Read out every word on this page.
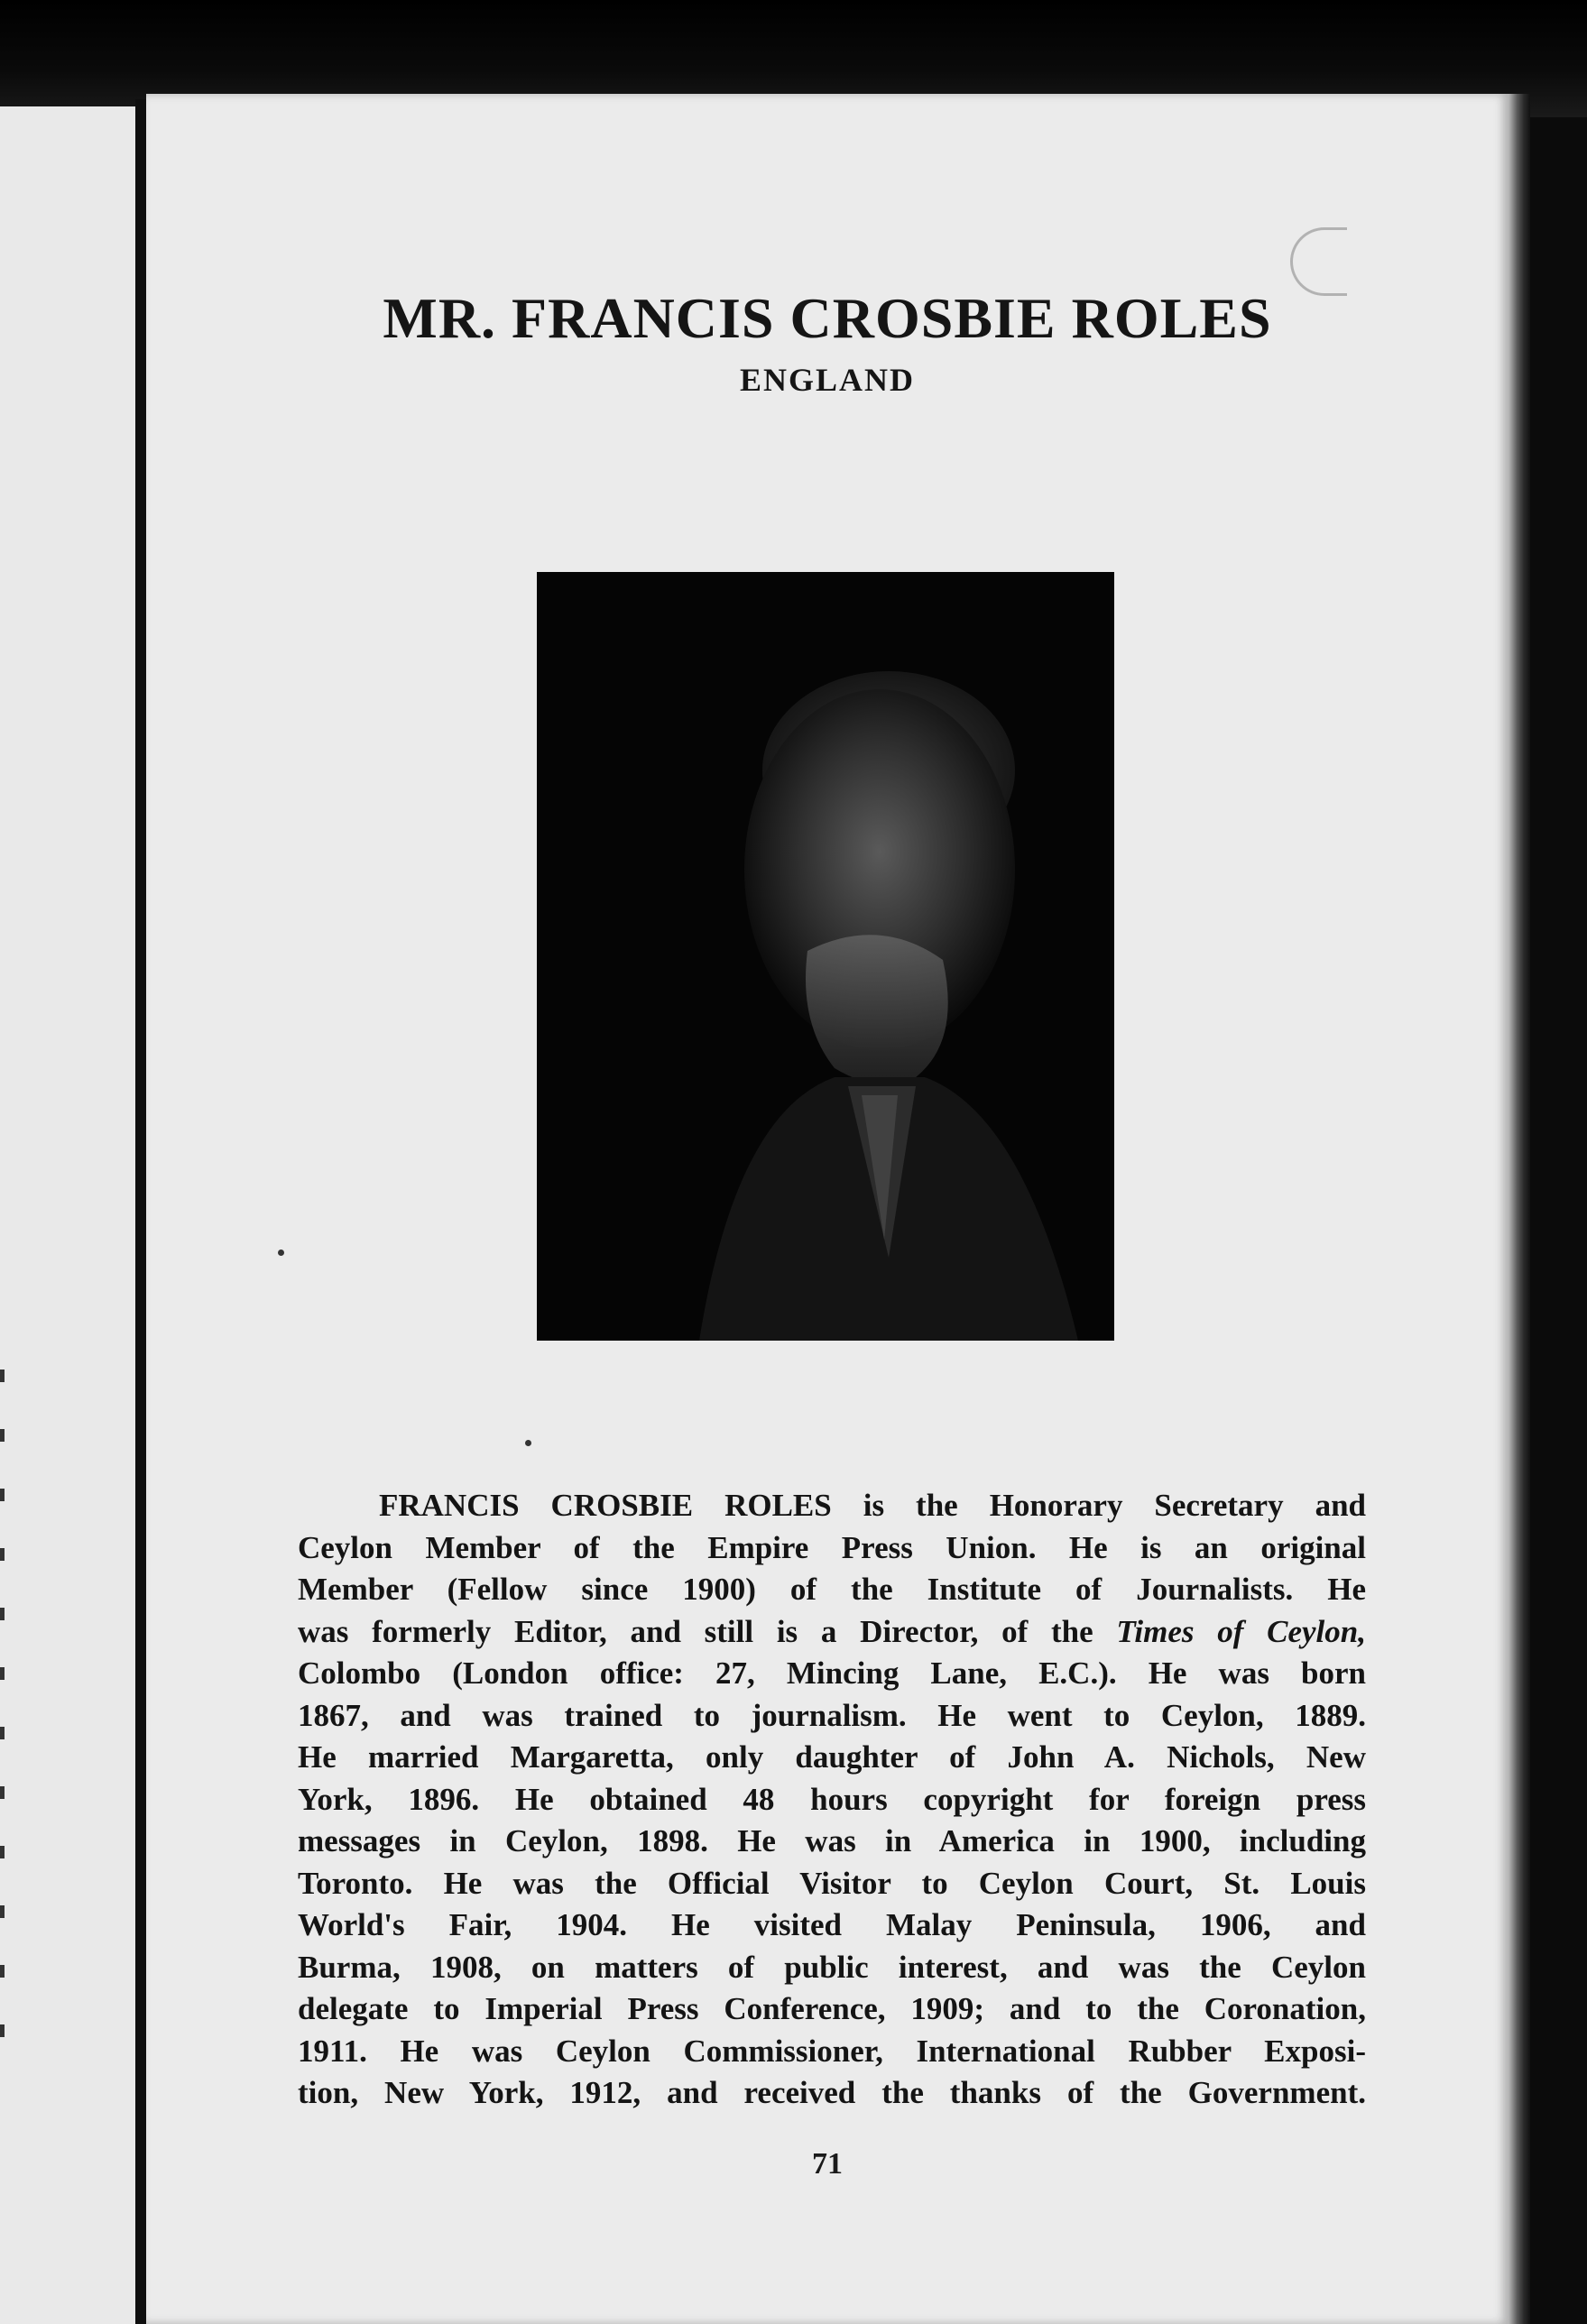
MR. FRANCIS CROSBIE ROLES
ENGLAND
FRANCIS CROSBIE ROLES is the Honorary Secretary and
Ceylon Member of the Empire Press Union. He is an original
Member (Fellow since 1900) of the Institute of Journalists. He
was formerly Editor, and still is a Director, of the Times of Ceylon,
Colombo (London office: 27, Mincing Lane, E.C.). He was born
1867, and was trained to journalism. He went to Ceylon, 1889.
He married Margaretta, only daughter of John A. Nichols, New
York, 1896. He obtained 48 hours copyright for foreign press
messages in Ceylon, 1898. He was in America in 1900, including
Toronto. He was the Official Visitor to Ceylon Court, St. Louis
World's Fair, 1904. He visited Malay Peninsula, 1906, and
Burma, 1908, on matters of public interest, and was the Ceylon
delegate to Imperial Press Conference, 1909; and to the Coronation,
1911. He was Ceylon Commissioner, International Rubber Exposi-
tion, New York, 1912, and received the thanks of the Government.
71
